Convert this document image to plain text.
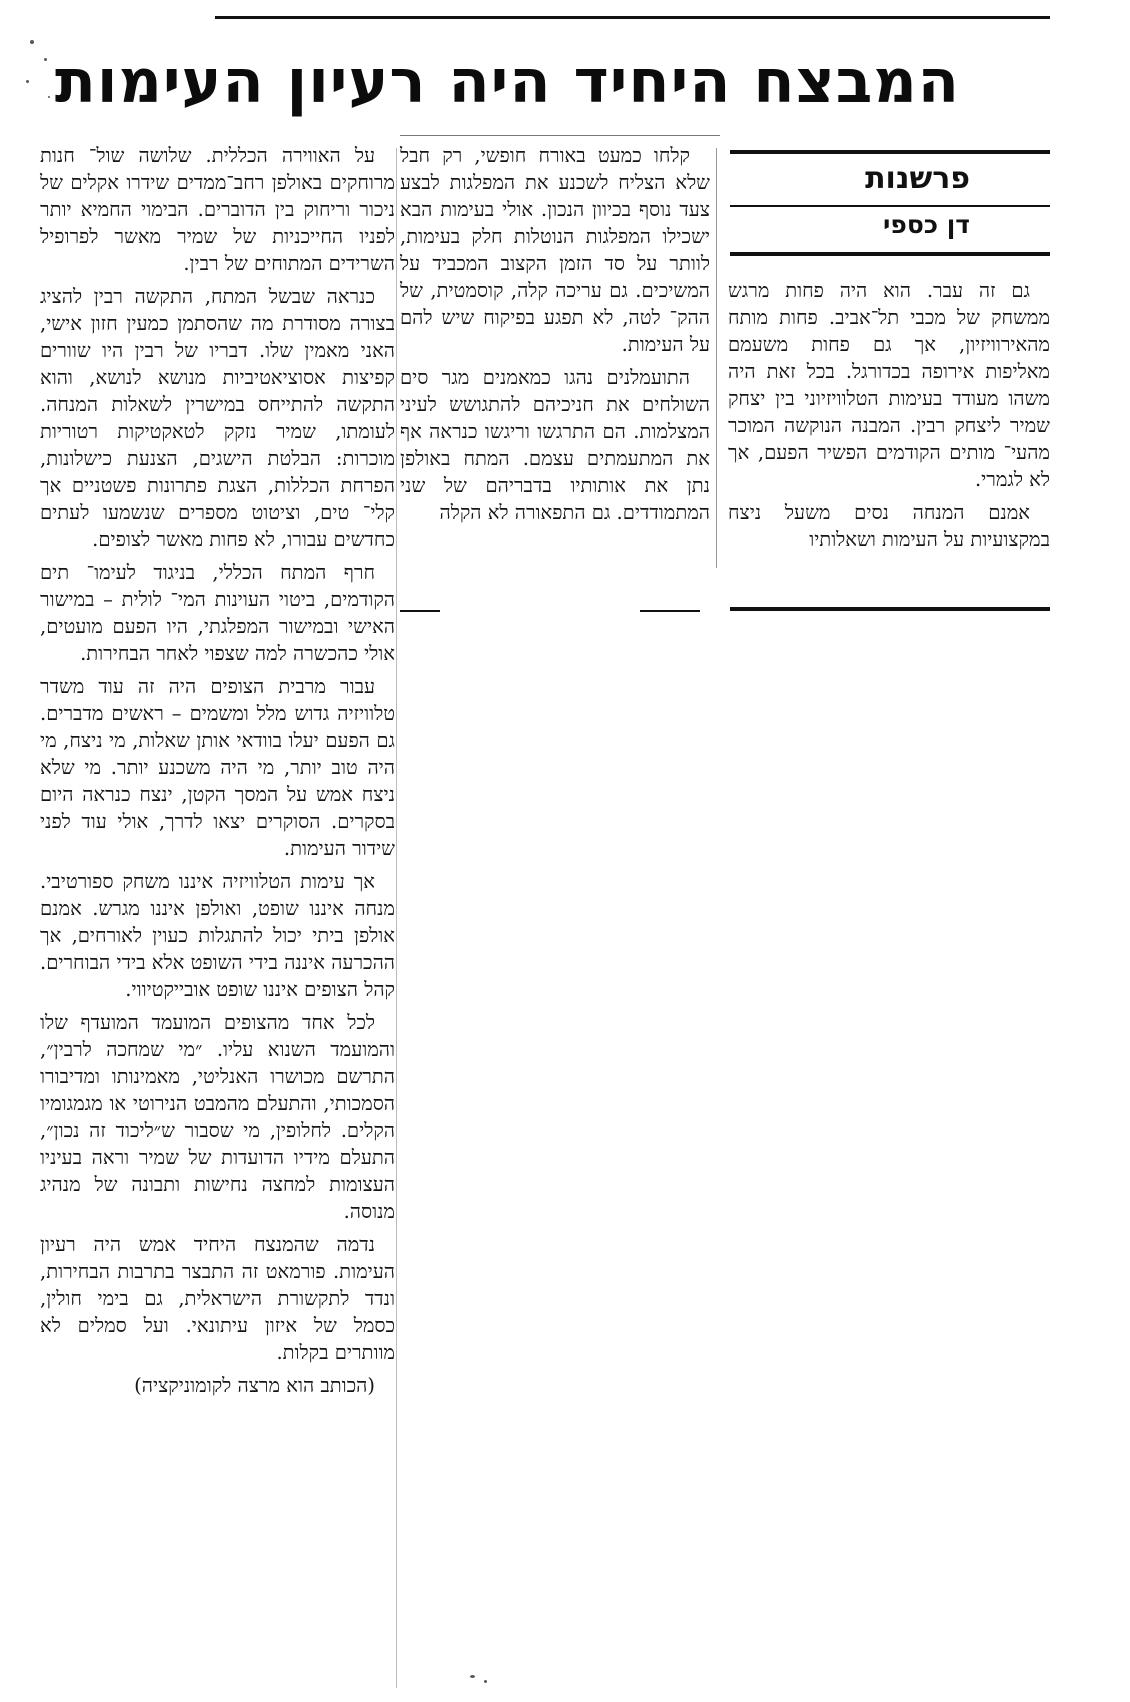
המבצח היחיד היה רעיון העימות
פרשנות
דן כספי

גם זה עבר. הוא היה פחות מרגש ממשחק של מכבי תל־אביב. פחות מותח מהאירוויזיון, אך גם פחות משעמם מאליפות אירופה בכדורגל. בכל זאת היה משהו מעודד בעימות הטלוויזיוני בין יצחק שמיר ליצחק רבין. המבנה הנוקשה המוכר מהעי־ מותים הקודמים הפשיר הפעם, אך לא לגמרי.

אמנם המנחה נסים משעל ניצח במקצועיות על העימות ושאלותיו

קלחו כמעט באורח חופשי, רק חבל שלא הצליח לשכנע את המפלגות לבצע צעד נוסף בכיוון הנכון. אולי בעימות הבא ישכילו המפלגות הנוטלות חלק בעימות, לוותר על סד הזמן הקצוב המכביד על המשיכים. גם עריכה קלה, קוסמטית, של ההק־ לטה, לא תפגע בפיקוח שיש להם על העימות.

התועמלנים נהגו כמאמנים מגר סים השולחים את חניכיהם להתגושש לעיני המצלמות. הם התרגשו וריגשו כנראה אף את המתעמתים עצמם. המתח באולפן נתן את אותותיו בדבריהם של שני המתמודדים. גם התפאורה לא הקלה

על האווירה הכללית. שלושה שול־ חנות מרוחקים באולפן רחב־ממדים שידרו אקלים של ניכור וריחוק בין הדוברים. הבימוי החמיא יותר לפניו החייכניות של שמיר מאשר לפרופיל השרידים המתוחים של רבין.

כנראה שבשל המתח, התקשה רבין להציג בצורה מסודרת מה שהסתמן כמעין חזון אישי, האני מאמין שלו. דבריו של רבין היו שוורים קפיצות אסוציאטיביות מנושא לנושא, והוא התקשה להתייחס במישרין לשאלות המנחה. לעומתו, שמיר נזקק לטאקטיקות רטוריות מוכרות: הבלטת הישגים, הצנעת כישלונות, הפרחת הכללות, הצגת פתרונות פשטניים אך קלי־ טים, וציטוט מספרים שנשמעו לעתים כחדשים עבורו, לא פחות מאשר לצופים.

חרף המתח הכללי, בניגוד לעימו־ תים הקודמים, ביטוי העוינות המי־ לולית – במישור האישי ובמישור המפלגתי, היו הפעם מועטים, אולי כהכשרה למה שצפוי לאחר הבחירות.

עבור מרבית הצופים היה זה עוד משדר טלוויזיה גדוש מלל ומשמים – ראשים מדברים. גם הפעם יעלו בוודאי אותן שאלות, מי ניצח, מי היה טוב יותר, מי היה משכנע יותר. מי שלא ניצח אמש על המסך הקטן, ינצח כנראה היום בסקרים. הסוקרים יצאו לדרך, אולי עוד לפני שידור העימות.

אך עימות הטלוויזיה איננו משחק ספורטיבי. מנחה איננו שופט, ואולפן איננו מגרש. אמנם אולפן ביתי יכול להתגלות כעוין לאורחים, אך ההכרעה איננה בידי השופט אלא בידי הבוחרים. קהל הצופים איננו שופט אובייקטיווי.

לכל אחד מהצופים המועמד המועדף שלו והמועמד השנוא עליו. ״מי שמחכה לרבין״, התרשם מכושרו האנליטי, מאמינותו ומדיבורו הסמכותי, והתעלם מהמבט הנירוטי או מגמגומיו הקלים. לחלופין, מי שסבור ש״ליכוד זה נכון״, התעלם מידיו הדועדות של שמיר וראה בעיניו העצומות למחצה נחישות ותבונה של מנהיג מנוסה.

נדמה שהמנצח היחיד אמש היה רעיון העימות. פורמאט זה התבצר בתרבות הבחירות, ונדד לתקשורת הישראלית, גם בימי חולין, כסמל של איזון עיתונאי. ועל סמלים לא מוותרים בקלות.

(הכותב הוא מרצה לקומוניקציה)
